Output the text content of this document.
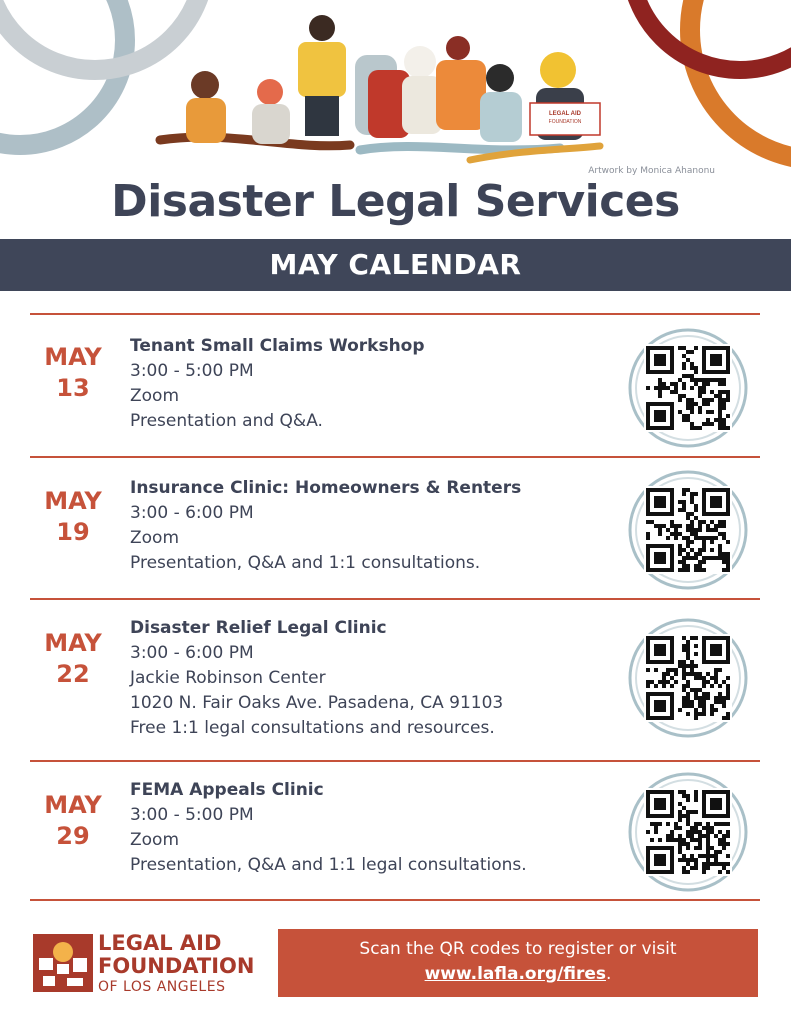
LEGAL AID
FOUNDATION
Artwork by Monica Ahanonu
Disaster Legal Services
MAY CALENDAR
MAY
13
Tenant Small Claims Workshop
3:00 - 5:00 PM
Zoom
Presentation and Q&A.
MAY
19
Insurance Clinic: Homeowners & Renters
3:00 - 6:00 PM
Zoom
Presentation, Q&A and 1:1 consultations.
MAY
22
Disaster Relief Legal Clinic
3:00 - 6:00 PM
Jackie Robinson Center
1020 N. Fair Oaks Ave. Pasadena, CA 91103
Free 1:1 legal consultations and resources.
MAY
29
FEMA Appeals Clinic
3:00 - 5:00 PM
Zoom
Presentation, Q&A and 1:1 legal consultations.
LEGAL AID
FOUNDATION
OF LOS ANGELES
Scan the QR codes to register or visit
www.lafla.org/fires.
